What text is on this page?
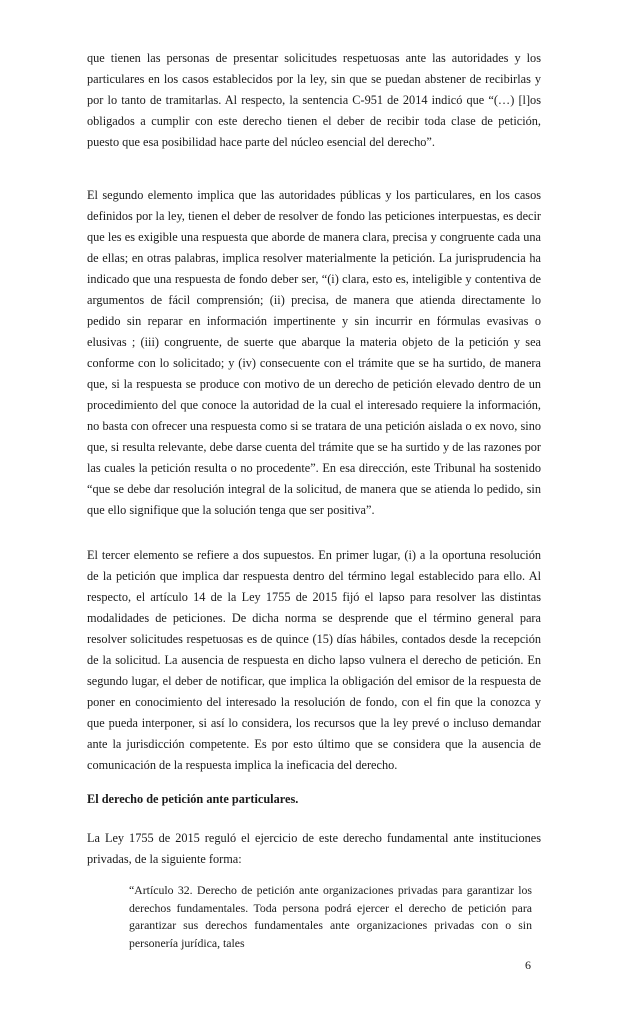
que tienen las personas de presentar solicitudes respetuosas ante las autoridades y los particulares en los casos establecidos por la ley, sin que se puedan abstener de recibirlas y por lo tanto de tramitarlas. Al respecto, la sentencia C-951 de 2014 indicó que “(…) [l]os obligados a cumplir con este derecho tienen el deber de recibir toda clase de petición, puesto que esa posibilidad hace parte del núcleo esencial del derecho”.

El segundo elemento implica que las autoridades públicas y los particulares, en los casos definidos por la ley, tienen el deber de resolver de fondo las peticiones interpuestas, es decir que les es exigible una respuesta que aborde de manera clara, precisa y congruente cada una de ellas; en otras palabras, implica resolver materialmente la petición. La jurisprudencia ha indicado que una respuesta de fondo deber ser, “(i) clara, esto es, inteligible y contentiva de argumentos de fácil comprensión; (ii) precisa, de manera que atienda directamente lo pedido sin reparar en información impertinente y sin incurrir en fórmulas evasivas o elusivas ; (iii) congruente, de suerte que abarque la materia objeto de la petición y sea conforme con lo solicitado; y (iv) consecuente con el trámite que se ha surtido, de manera que, si la respuesta se produce con motivo de un derecho de petición elevado dentro de un procedimiento del que conoce la autoridad de la cual el interesado requiere la información, no basta con ofrecer una respuesta como si se tratara de una petición aislada o ex novo, sino que, si resulta relevante, debe darse cuenta del trámite que se ha surtido y de las razones por las cuales la petición resulta o no procedente”. En esa dirección, este Tribunal ha sostenido “que se debe dar resolución integral de la solicitud, de manera que se atienda lo pedido, sin que ello signifique que la solución tenga que ser positiva”.

El tercer elemento se refiere a dos supuestos. En primer lugar, (i) a la oportuna resolución de la petición que implica dar respuesta dentro del término legal establecido para ello. Al respecto, el artículo 14 de la Ley 1755 de 2015 fijó el lapso para resolver las distintas modalidades de peticiones. De dicha norma se desprende que el término general para resolver solicitudes respetuosas es de quince (15) días hábiles, contados desde la recepción de la solicitud. La ausencia de respuesta en dicho lapso vulnera el derecho de petición. En segundo lugar, el deber de notificar, que implica la obligación del emisor de la respuesta de poner en conocimiento del interesado la resolución de fondo, con el fin que la conozca y que pueda interponer, si así lo considera, los recursos que la ley prevé o incluso demandar ante la jurisdicción competente. Es por esto último que se considera que la ausencia de comunicación de la respuesta implica la ineficacia del derecho.

El derecho de petición ante particulares.

La Ley 1755 de 2015 reguló el ejercicio de este derecho fundamental ante instituciones privadas, de la siguiente forma:

“Artículo 32. Derecho de petición ante organizaciones privadas para garantizar los derechos fundamentales. Toda persona podrá ejercer el derecho de petición para garantizar sus derechos fundamentales ante organizaciones privadas con o sin personería jurídica, tales

6
